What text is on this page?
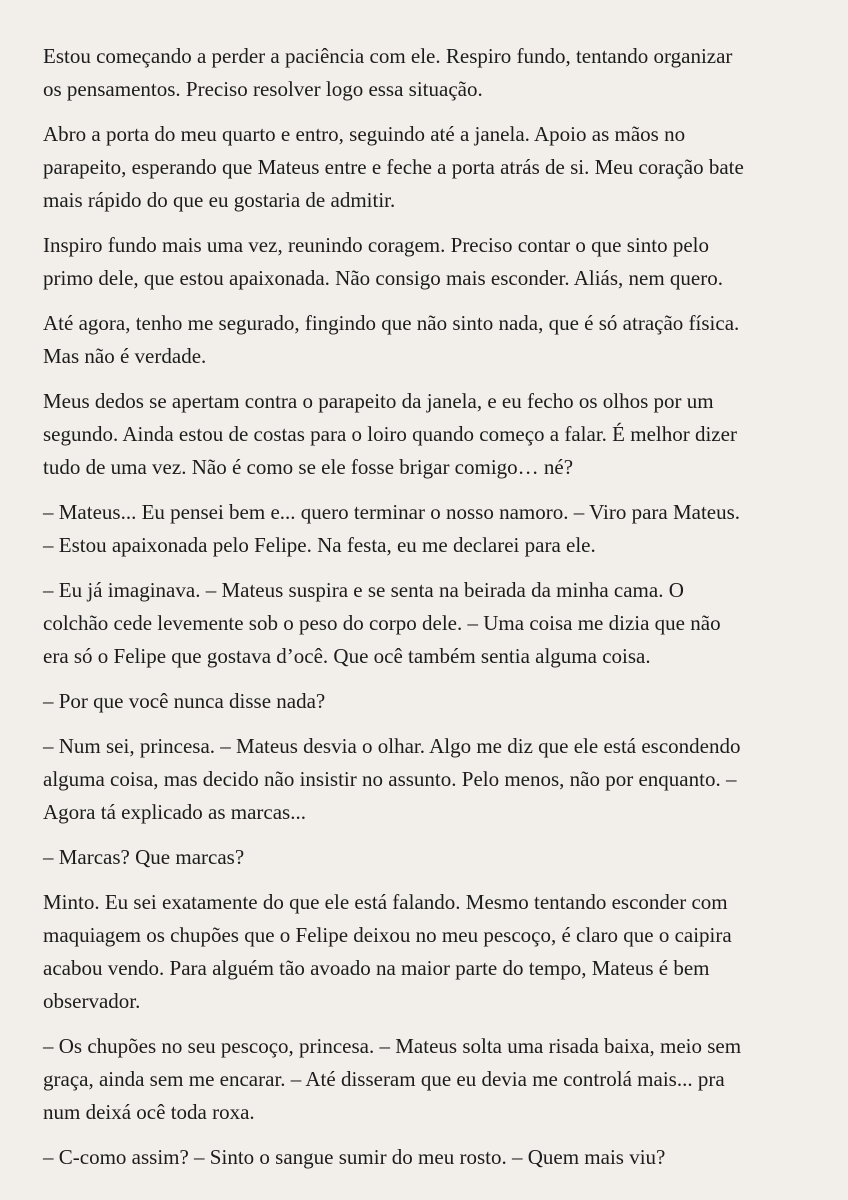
Estou começando a perder a paciência com ele. Respiro fundo, tentando organizar
os pensamentos. Preciso resolver logo essa situação.

Abro a porta do meu quarto e entro, seguindo até a janela. Apoio as mãos no
parapeito, esperando que Mateus entre e feche a porta atrás de si. Meu coração bate
mais rápido do que eu gostaria de admitir.

Inspiro fundo mais uma vez, reunindo coragem. Preciso contar o que sinto pelo
primo dele, que estou apaixonada. Não consigo mais esconder. Aliás, nem quero.

Até agora, tenho me segurado, fingindo que não sinto nada, que é só atração física.
Mas não é verdade.

Meus dedos se apertam contra o parapeito da janela, e eu fecho os olhos por um
segundo. Ainda estou de costas para o loiro quando começo a falar. É melhor dizer
tudo de uma vez. Não é como se ele fosse brigar comigo… né?

– Mateus... Eu pensei bem e... quero terminar o nosso namoro. – Viro para Mateus.
– Estou apaixonada pelo Felipe. Na festa, eu me declarei para ele.

– Eu já imaginava. – Mateus suspira e se senta na beirada da minha cama. O
colchão cede levemente sob o peso do corpo dele. – Uma coisa me dizia que não
era só o Felipe que gostava d’ocê. Que ocê também sentia alguma coisa.

– Por que você nunca disse nada?

– Num sei, princesa. – Mateus desvia o olhar. Algo me diz que ele está escondendo
alguma coisa, mas decido não insistir no assunto. Pelo menos, não por enquanto. –
Agora tá explicado as marcas...

– Marcas? Que marcas?

Minto. Eu sei exatamente do que ele está falando. Mesmo tentando esconder com
maquiagem os chupões que o Felipe deixou no meu pescoço, é claro que o caipira
acabou vendo. Para alguém tão avoado na maior parte do tempo, Mateus é bem
observador.

– Os chupões no seu pescoço, princesa. – Mateus solta uma risada baixa, meio sem
graça, ainda sem me encarar. – Até disseram que eu devia me controlá mais... pra
num deixá ocê toda roxa.

– C-como assim? – Sinto o sangue sumir do meu rosto. – Quem mais viu?
